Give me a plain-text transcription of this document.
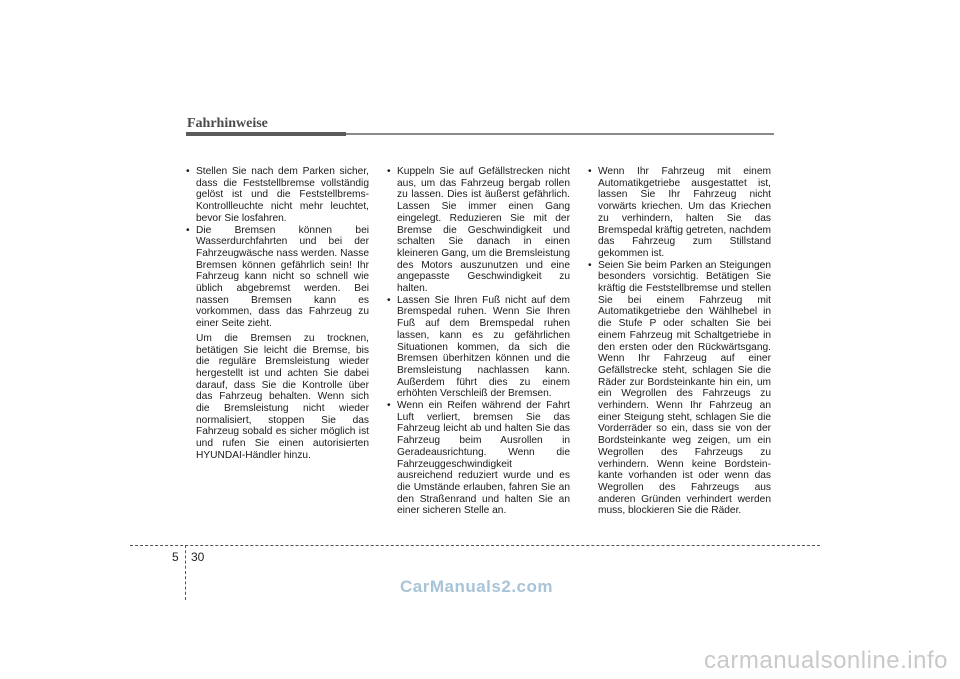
Fahrhinweise
• Stellen Sie nach dem Parken sicher, dass die Feststellbremse vollständig gelöst ist und die Feststellbrems-Kontrollleuchte nicht mehr leuchtet, bevor Sie losfahren.
• Die Bremsen können bei Wasserdurchfahrten und bei der Fahrzeugwäsche nass werden. Nasse Bremsen können gefährlich sein! Ihr Fahrzeug kann nicht so schnell wie üblich abgebremst werden. Bei nassen Bremsen kann es vorkommen, dass das Fahrzeug zu einer Seite zieht.

Um die Bremsen zu trocknen, betätigen Sie leicht die Bremse, bis die reguläre Bremsleistung wieder hergestellt ist und achten Sie dabei darauf, dass Sie die Kontrolle über das Fahrzeug behalten. Wenn sich die Bremsleistung nicht wieder normalisiert, stoppen Sie das Fahrzeug sobald es sicher möglich ist und rufen Sie einen autorisierten HYUNDAI-Händler hinzu.

• Kuppeln Sie auf Gefällstrecken nicht aus, um das Fahrzeug bergab rollen zu lassen. Dies ist äußerst gefährlich. Lassen Sie immer einen Gang eingelegt. Reduzieren Sie mit der Bremse die Geschwindigkeit und schalten Sie danach in einen kleineren Gang, um die Bremsleistung des Motors auszunutzen und eine angepasste Geschwindigkeit zu halten.
• Lassen Sie Ihren Fuß nicht auf dem Bremspedal ruhen. Wenn Sie Ihren Fuß auf dem Bremspedal ruhen lassen, kann es zu gefährlichen Situationen kommen, da sich die Bremsen überhitzen können und die Bremsleistung nachlassen kann. Außerdem führt dies zu einem erhöhten Verschleiß der Bremsen.
• Wenn ein Reifen während der Fahrt Luft verliert, bremsen Sie das Fahrzeug leicht ab und halten Sie das Fahrzeug beim Ausrollen in Geradeausrichtung. Wenn die Fahrzeuggeschwindigkeit ausreichend reduziert wurde und es die Umstände erlauben, fahren Sie an den Straßenrand und halten Sie an einer sicheren Stelle an.
• Wenn Ihr Fahrzeug mit einem Automatikgetriebe ausgestattet ist, lassen Sie Ihr Fahrzeug nicht vorwärts kriechen. Um das Kriechen zu verhindern, halten Sie das Bremspedal kräftig getreten, nachdem das Fahrzeug zum Stillstand gekommen ist.
• Seien Sie beim Parken an Steigungen besonders vorsichtig. Betätigen Sie kräftig die Feststellbremse und stellen Sie bei einem Fahrzeug mit Automatikgetriebe den Wählhebel in die Stufe P oder schalten Sie bei einem Fahrzeug mit Schaltgetriebe in den ersten oder den Rückwärtsgang. Wenn Ihr Fahrzeug auf einer Gefällstrecke steht, schlagen Sie die Räder zur Bordsteinkante hin ein, um ein Wegrollen des Fahrzeugs zu verhindern. Wenn Ihr Fahrzeug an einer Steigung steht, schlagen Sie die Vorderräder so ein, dass sie von der Bordsteinkante weg zeigen, um ein Wegrollen des Fahrzeugs zu verhindern. Wenn keine Bordstein-kante vorhanden ist oder wenn das Wegrollen des Fahrzeugs aus anderen Gründen verhindert werden muss, blockieren Sie die Räder.
5 30
CarManuals2.com
carmanualsonline.info
